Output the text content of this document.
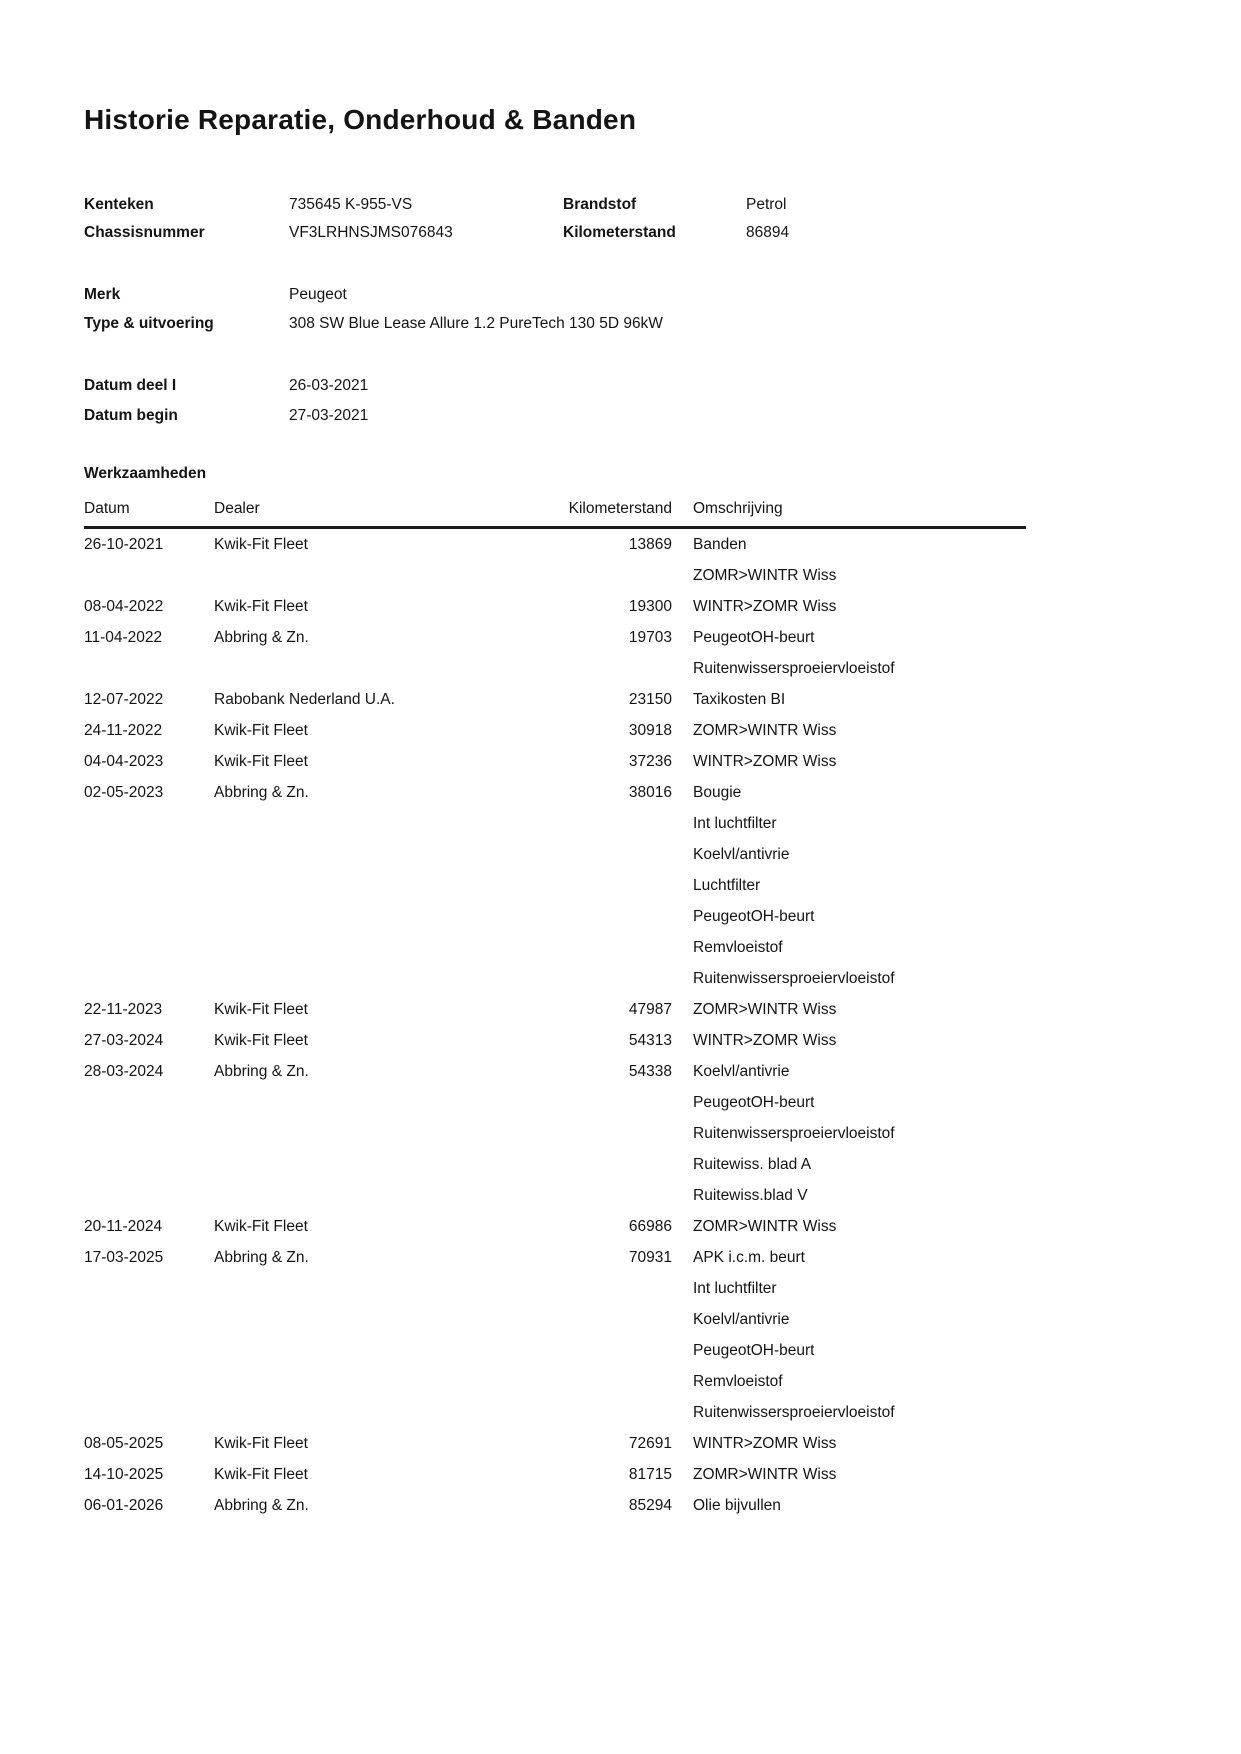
Historie Reparatie, Onderhoud & Banden
Kenteken	735645 K-955-VS	Brandstof	Petrol
Chassisnummer	VF3LRHNSJMS076843	Kilometerstand	86894
Merk	Peugeot
Type & uitvoering	308 SW Blue Lease Allure 1.2 PureTech 130 5D 96kW
Datum deel I	26-03-2021
Datum begin	27-03-2021
Werkzaamheden
Datum	Dealer	Kilometerstand	Omschrijving
26-10-2021	Kwik-Fit Fleet	13869	Banden
ZOMR>WINTR Wiss
08-04-2022	Kwik-Fit Fleet	19300	WINTR>ZOMR Wiss
11-04-2022	Abbring & Zn.	19703	PeugeotOH-beurt
Ruitenwissersproeiervloeistof
12-07-2022	Rabobank Nederland U.A.	23150	Taxikosten BI
24-11-2022	Kwik-Fit Fleet	30918	ZOMR>WINTR Wiss
04-04-2023	Kwik-Fit Fleet	37236	WINTR>ZOMR Wiss
02-05-2023	Abbring & Zn.	38016	Bougie
Int luchtfilter
Koelvl/antivrie
Luchtfilter
PeugeotOH-beurt
Remvloeistof
Ruitenwissersproeiervloeistof
22-11-2023	Kwik-Fit Fleet	47987	ZOMR>WINTR Wiss
27-03-2024	Kwik-Fit Fleet	54313	WINTR>ZOMR Wiss
28-03-2024	Abbring & Zn.	54338	Koelvl/antivrie
PeugeotOH-beurt
Ruitenwissersproeiervloeistof
Ruitewiss. blad A
Ruitewiss.blad V
20-11-2024	Kwik-Fit Fleet	66986	ZOMR>WINTR Wiss
17-03-2025	Abbring & Zn.	70931	APK i.c.m. beurt
Int luchtfilter
Koelvl/antivrie
PeugeotOH-beurt
Remvloeistof
Ruitenwissersproeiervloeistof
08-05-2025	Kwik-Fit Fleet	72691	WINTR>ZOMR Wiss
14-10-2025	Kwik-Fit Fleet	81715	ZOMR>WINTR Wiss
06-01-2026	Abbring & Zn.	85294	Olie bijvullen
